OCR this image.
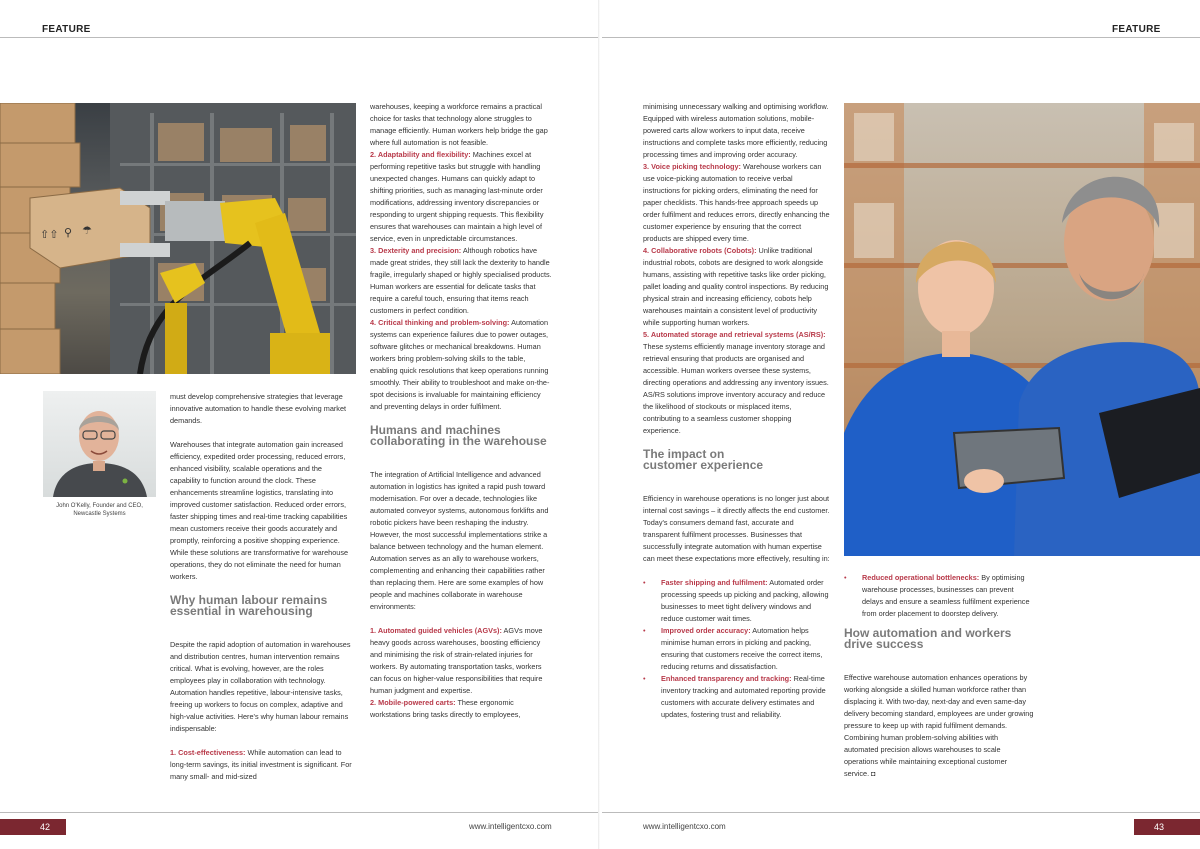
FEATURE
⇧⇧ ⚲ ☂
John O'Kelly, Founder and CEO,
Newcastle Systems

must develop comprehensive strategies that leverage innovative automation to handle these evolving market demands.

Warehouses that integrate automation gain increased efficiency, expedited order processing, reduced errors, enhanced visibility, scalable operations and the capability to function around the clock. These enhancements streamline logistics, translating into improved customer satisfaction. Reduced order errors, faster shipping times and real-time tracking capabilities mean customers receive their goods accurately and promptly, reinforcing a positive shopping experience. While these solutions are transformative for warehouse operations, they do not eliminate the need for human workers.

Why human labour remains
essential in warehousing

Despite the rapid adoption of automation in warehouses and distribution centres, human intervention remains critical. What is evolving, however, are the roles employees play in collaboration with technology. Automation handles repetitive, labour-intensive tasks, freeing up workers to focus on complex, adaptive and high-value activities. Here's why human labour remains indispensable:

1. Cost-effectiveness: While automation can lead to long-term savings, its initial investment is significant. For many small- and mid-sized

warehouses, keeping a workforce remains a practical choice for tasks that technology alone struggles to manage efficiently. Human workers help bridge the gap where full automation is not feasible.

2. Adaptability and flexibility: Machines excel at performing repetitive tasks but struggle with handling unexpected changes. Humans can quickly adapt to shifting priorities, such as managing last-minute order modifications, addressing inventory discrepancies or responding to urgent shipping requests. This flexibility ensures that warehouses can maintain a high level of service, even in unpredictable circumstances.

3. Dexterity and precision: Although robotics have made great strides, they still lack the dexterity to handle fragile, irregularly shaped or highly specialised products. Human workers are essential for delicate tasks that require a careful touch, ensuring that items reach customers in perfect condition.

4. Critical thinking and problem-solving: Automation systems can experience failures due to power outages, software glitches or mechanical breakdowns. Human workers bring problem-solving skills to the table, enabling quick resolutions that keep operations running smoothly. Their ability to troubleshoot and make on-the-spot decisions is invaluable for maintaining efficiency and preventing delays in order fulfilment.

Humans and machines
collaborating in the warehouse

The integration of Artificial Intelligence and advanced automation in logistics has ignited a rapid push toward modernisation. For over a decade, technologies like automated conveyor systems, autonomous forklifts and robotic pickers have been reshaping the industry. However, the most successful implementations strike a balance between technology and the human element. Automation serves as an ally to warehouse workers, complementing and enhancing their capabilities rather than replacing them. Here are some examples of how people and machines collaborate in warehouse environments:

1. Automated guided vehicles (AGVs): AGVs move heavy goods across warehouses, boosting efficiency and minimising the risk of strain-related injuries for workers. By automating transportation tasks, workers can focus on higher-value responsibilities that require human judgment and expertise.

2. Mobile-powered carts: These ergonomic workstations bring tasks directly to employees,

42	www.intelligentcxo.com
FEATURE

minimising unnecessary walking and optimising workflow. Equipped with wireless automation solutions, mobile-powered carts allow workers to input data, receive instructions and complete tasks more efficiently, reducing processing times and improving order accuracy.

3. Voice picking technology: Warehouse workers can use voice-picking automation to receive verbal instructions for picking orders, eliminating the need for paper checklists. This hands-free approach speeds up order fulfilment and reduces errors, directly enhancing the customer experience by ensuring that the correct products are shipped every time.

4. Collaborative robots (Cobots): Unlike traditional industrial robots, cobots are designed to work alongside humans, assisting with repetitive tasks like order picking, pallet loading and quality control inspections. By reducing physical strain and increasing efficiency, cobots help warehouses maintain a consistent level of productivity while supporting human workers.

5. Automated storage and retrieval systems (AS/RS): These systems efficiently manage inventory storage and retrieval ensuring that products are organised and accessible. Human workers oversee these systems, directing operations and addressing any inventory issues. AS/RS solutions improve inventory accuracy and reduce the likelihood of stockouts or misplaced items, contributing to a seamless customer shopping experience.

The impact on
customer experience

Efficiency in warehouse operations is no longer just about internal cost savings – it directly affects the end customer. Today's consumers demand fast, accurate and transparent fulfilment processes. Businesses that successfully integrate automation with human expertise can meet these expectations more effectively, resulting in:

• Faster shipping and fulfilment: Automated order processing speeds up picking and packing, allowing businesses to meet tight delivery windows and reduce customer wait times.

• Improved order accuracy: Automation helps minimise human errors in picking and packing, ensuring that customers receive the correct items, reducing returns and dissatisfaction.

• Enhanced transparency and tracking: Real-time inventory tracking and automated reporting provide customers with accurate delivery estimates and updates, fostering trust and reliability.

• Reduced operational bottlenecks: By optimising warehouse processes, businesses can prevent delays and ensure a seamless fulfilment experience from order placement to doorstep delivery.

How automation and workers
drive success

Effective warehouse automation enhances operations by working alongside a skilled human workforce rather than displacing it. With two-day, next-day and even same-day delivery becoming standard, employees are under growing pressure to keep up with rapid fulfilment demands. Combining human problem-solving abilities with automated precision allows warehouses to scale operations while maintaining exceptional customer service. ◘

www.intelligentcxo.com	43
